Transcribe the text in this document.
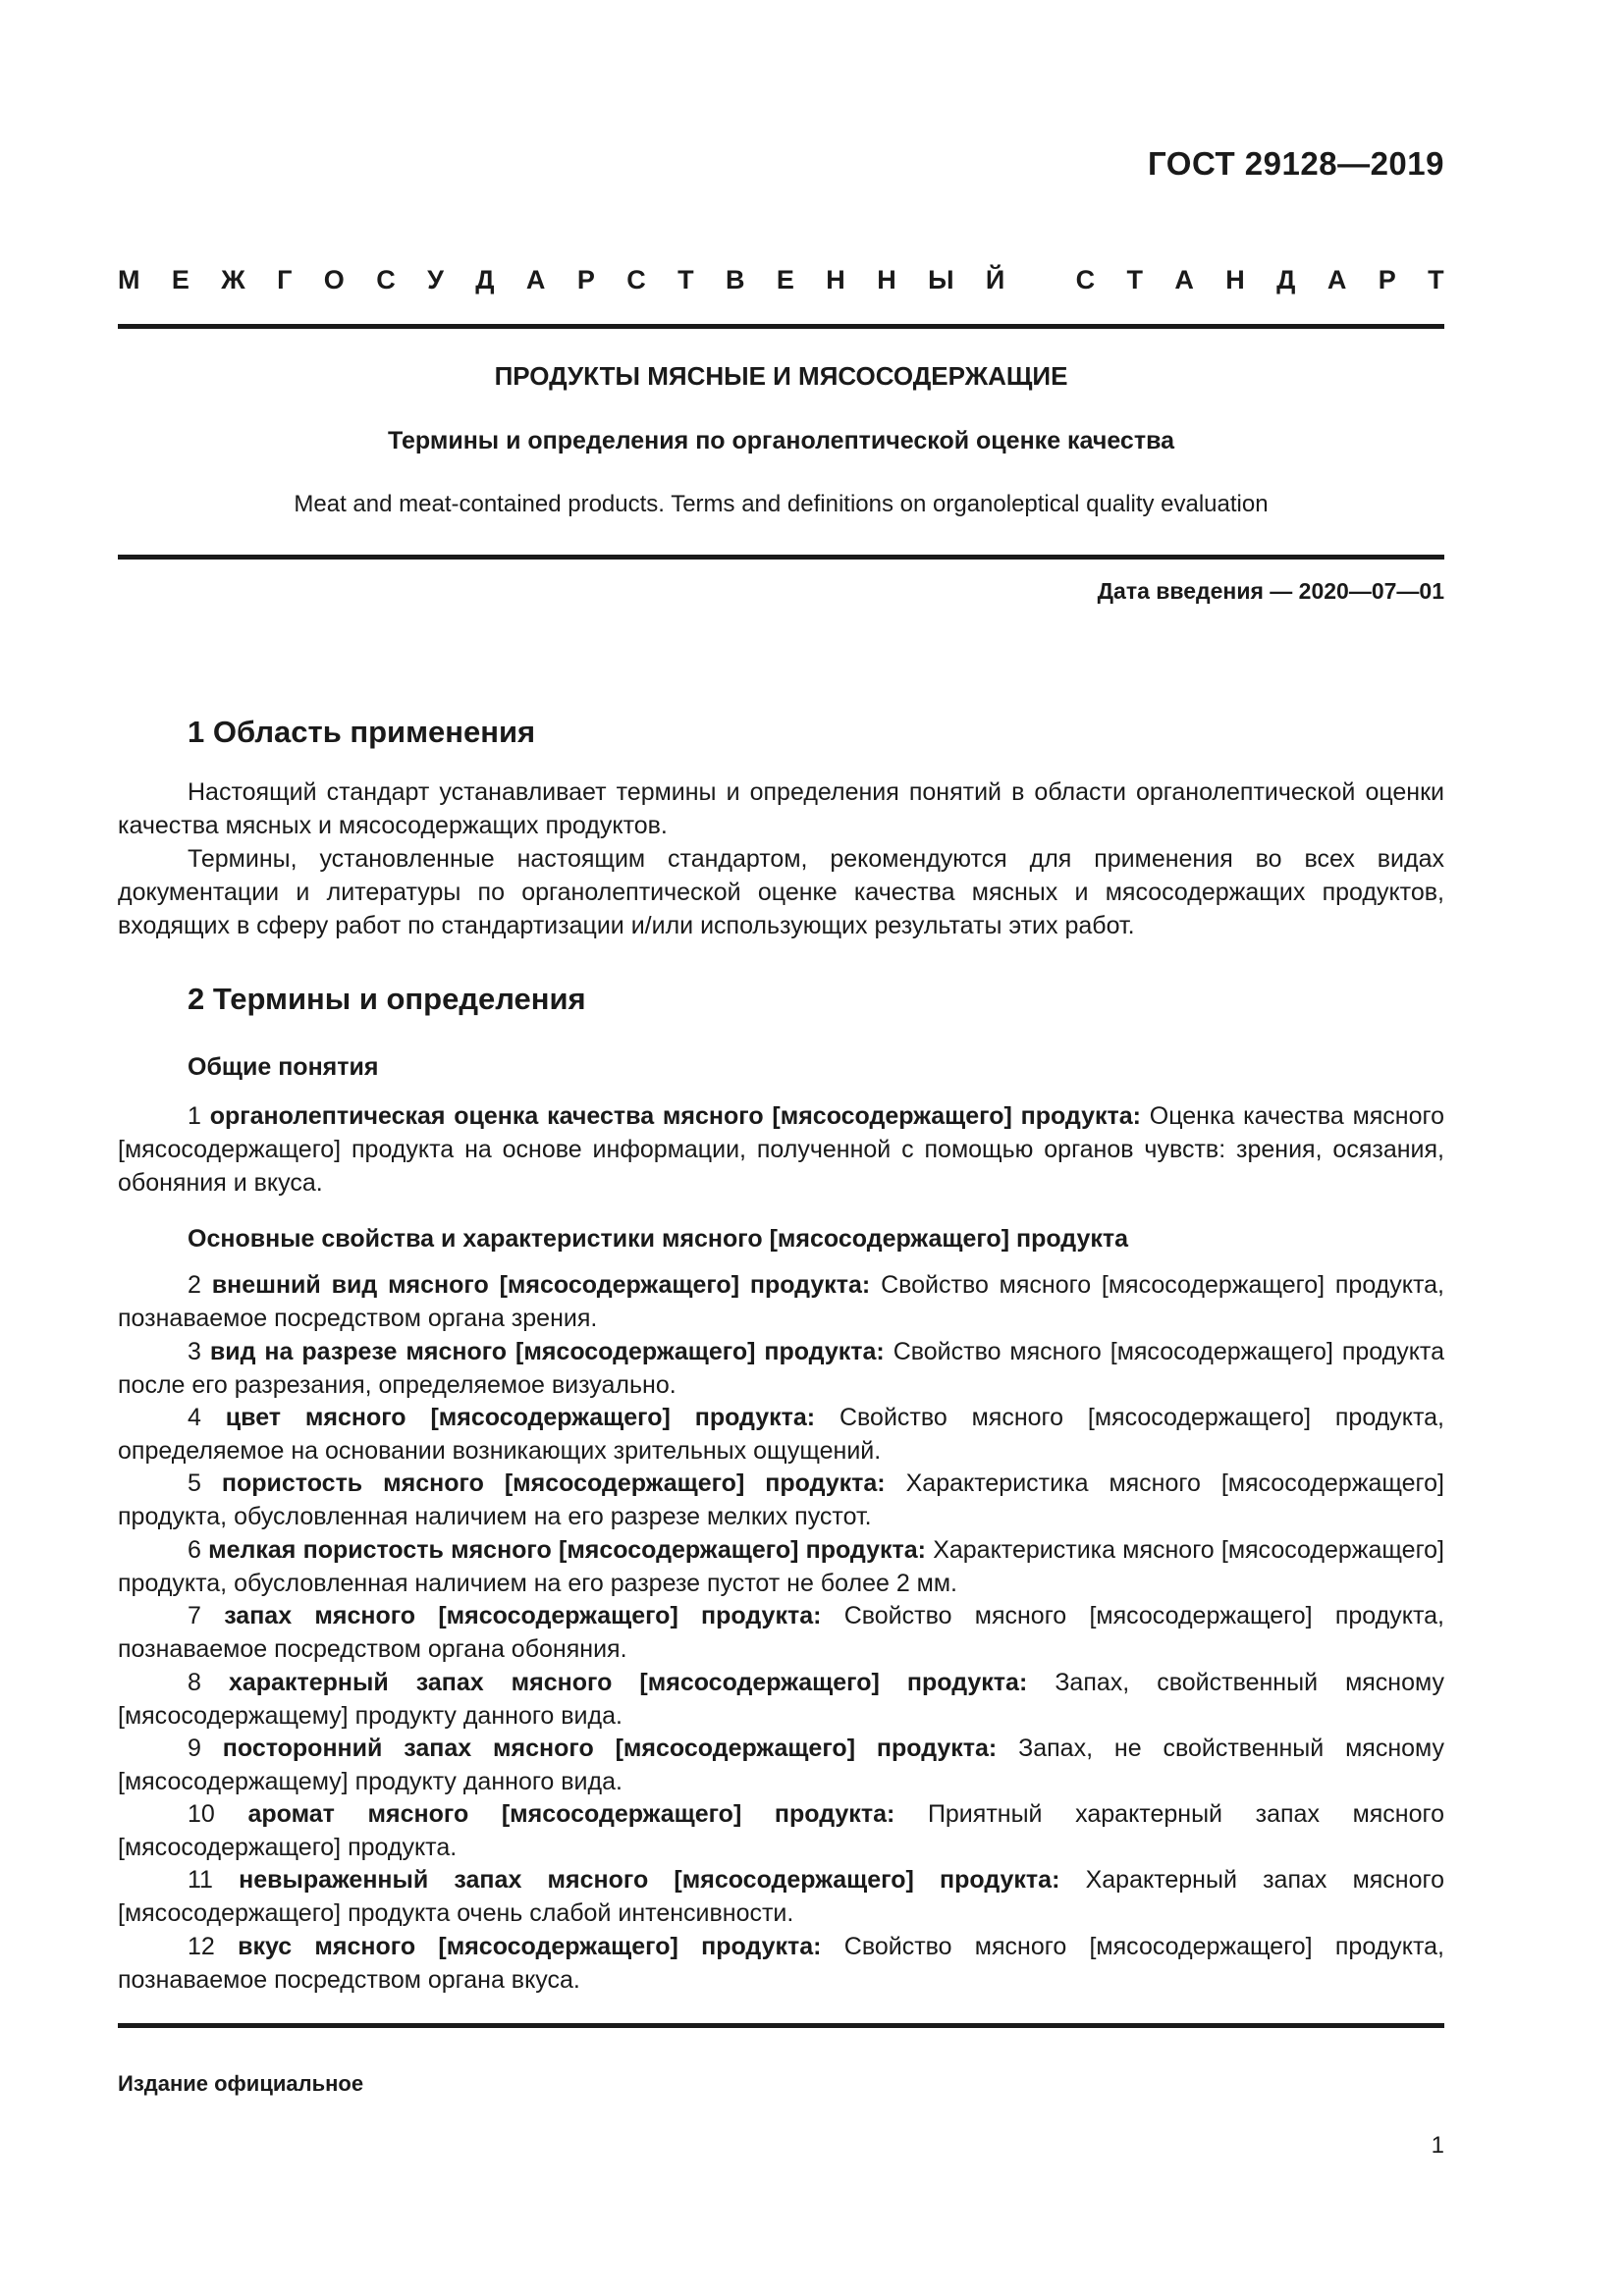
ГОСТ 29128—2019
М Е Ж Г О С У Д А Р С Т В Е Н Н Ы Й
	С Т А Н Д А Р Т
ПРОДУКТЫ МЯСНЫЕ И МЯСОСОДЕРЖАЩИЕ
Термины и определения по органолептической оценке качества
Meat and meat-contained products. Terms and definitions on organoleptical quality evaluation
Дата введения — 2020—07—01
1 Область применения

Настоящий стандарт устанавливает термины и определения понятий в области органолептической оценки качества мясных и мясосодержащих продуктов.

Термины, установленные настоящим стандартом, рекомендуются для применения во всех видах документации и литературы по органолептической оценке качества мясных и мясосодержащих продуктов, входящих в сферу работ по стандартизации и/или использующих результаты этих работ.

2 Термины и определения
Общие понятия

1 органолептическая оценка качества мясного [мясосодержащего] продукта: Оценка качества мясного [мясосодержащего] продукта на основе информации, полученной с помощью органов чувств: зрения, осязания, обоняния и вкуса.

Основные свойства и характеристики мясного [мясосодержащего] продукта

2 внешний вид мясного [мясосодержащего] продукта: Свойство мясного [мясосодержащего] продукта, познаваемое посредством органа зрения.

3 вид на разрезе мясного [мясосодержащего] продукта: Свойство мясного [мясосодержащего] продукта после его разрезания, определяемое визуально.

4 цвет мясного [мясосодержащего] продукта: Свойство мясного [мясосодержащего] продукта, определяемое на основании возникающих зрительных ощущений.

5 пористость мясного [мясосодержащего] продукта: Характеристика мясного [мясосодержащего] продукта, обусловленная наличием на его разрезе мелких пустот.

6 мелкая пористость мясного [мясосодержащего] продукта: Характеристика мясного [мясосодержащего] продукта, обусловленная наличием на его разрезе пустот не более 2 мм.

7 запах мясного [мясосодержащего] продукта: Свойство мясного [мясосодержащего] продукта, познаваемое посредством органа обоняния.

8 характерный запах мясного [мясосодержащего] продукта: Запах, свойственный мясному [мясосодержащему] продукту данного вида.

9 посторонний запах мясного [мясосодержащего] продукта: Запах, не свойственный мясному [мясосодержащему] продукту данного вида.

10 аромат мясного [мясосодержащего] продукта: Приятный характерный запах мясного [мясосодержащего] продукта.

11 невыраженный запах мясного [мясосодержащего] продукта: Характерный запах мясного [мясосодержащего] продукта очень слабой интенсивности.

12 вкус мясного [мясосодержащего] продукта: Свойство мясного [мясосодержащего] продукта, познаваемое посредством органа вкуса.

Издание официальное
1
